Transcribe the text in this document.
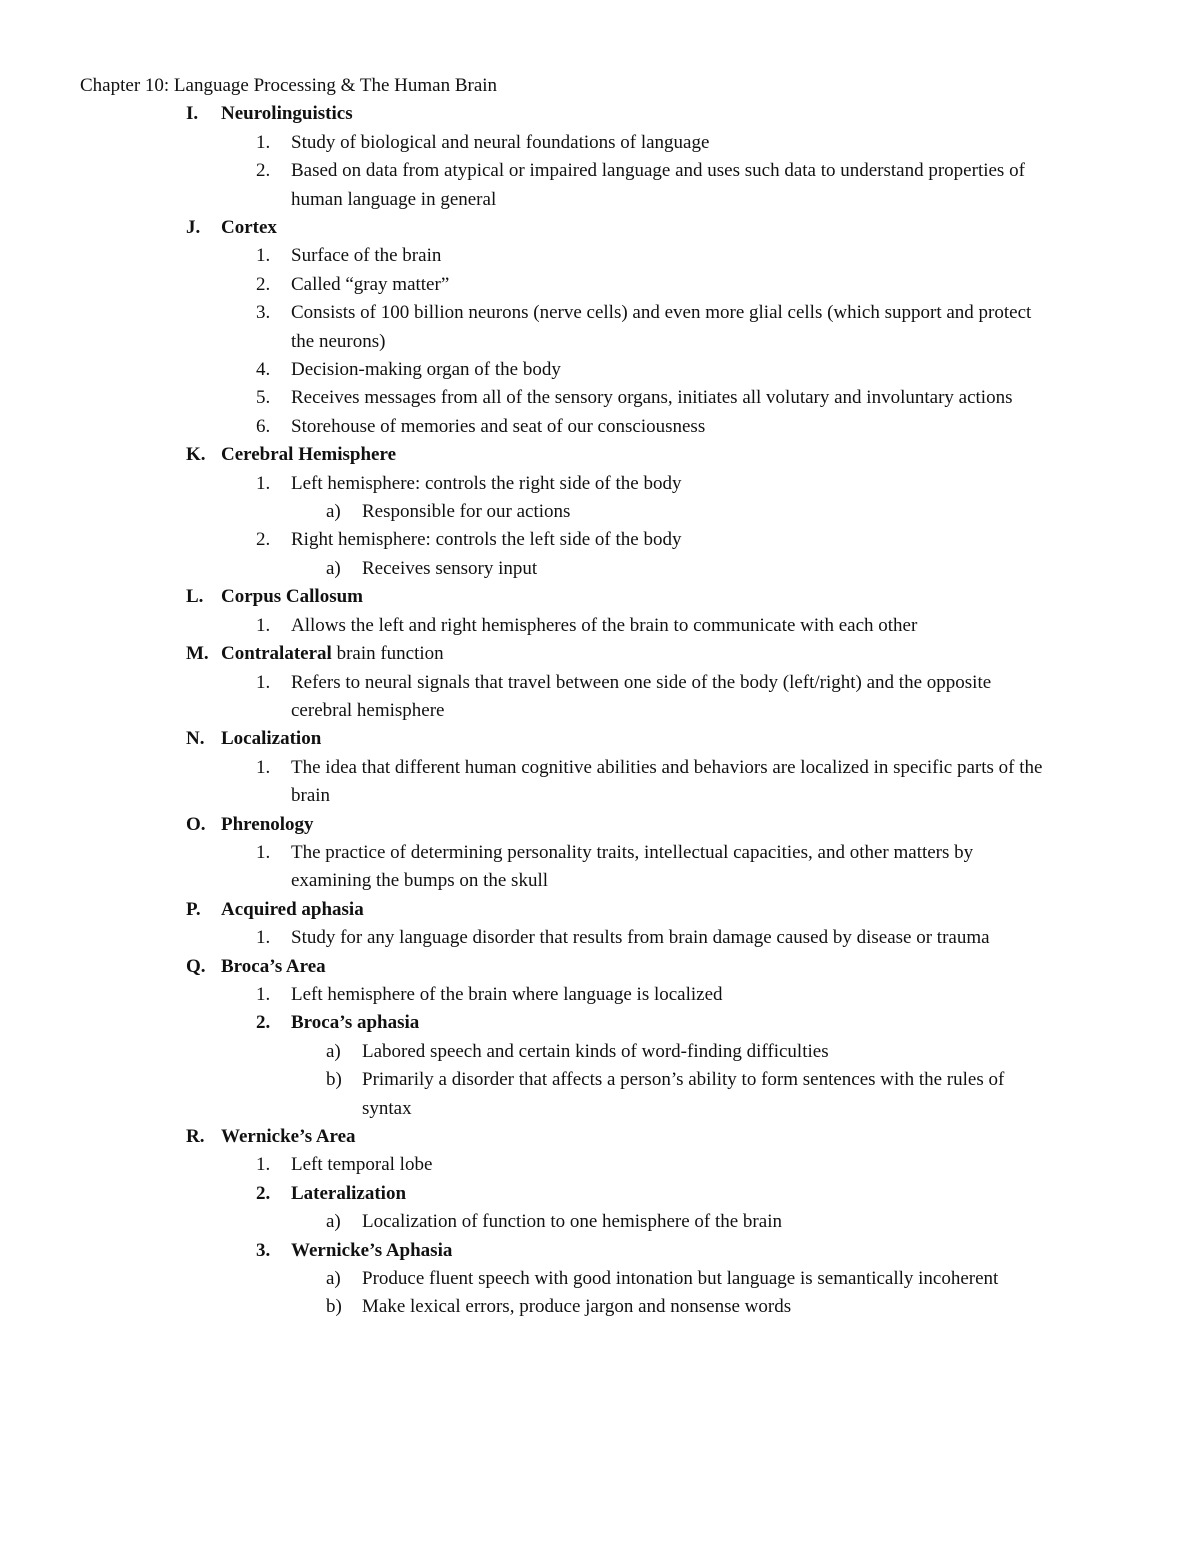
Chapter 10: Language Processing & The Human Brain
I. Neurolinguistics
1. Study of biological and neural foundations of language
2. Based on data from atypical or impaired language and uses such data to understand properties of human language in general
J. Cortex
1. Surface of the brain
2. Called “gray matter”
3. Consists of 100 billion neurons (nerve cells) and even more glial cells (which support and protect the neurons)
4. Decision-making organ of the body
5. Receives messages from all of the sensory organs, initiates all volutary and involuntary actions
6. Storehouse of memories and seat of our consciousness
K. Cerebral Hemisphere
1. Left hemisphere: controls the right side of the body
a) Responsible for our actions
2. Right hemisphere: controls the left side of the body
a) Receives sensory input
L. Corpus Callosum
1. Allows the left and right hemispheres of the brain to communicate with each other
M. Contralateral brain function
1. Refers to neural signals that travel between one side of the body (left/right) and the opposite cerebral hemisphere
N. Localization
1. The idea that different human cognitive abilities and behaviors are localized in specific parts of the brain
O. Phrenology
1. The practice of determining personality traits, intellectual capacities, and other matters by examining the bumps on the skull
P. Acquired aphasia
1. Study for any language disorder that results from brain damage caused by disease or trauma
Q. Broca’s Area
1. Left hemisphere of the brain where language is localized
2. Broca’s aphasia
a) Labored speech and certain kinds of word-finding difficulties
b) Primarily a disorder that affects a person’s ability to form sentences with the rules of syntax
R. Wernicke’s Area
1. Left temporal lobe
2. Lateralization
a) Localization of function to one hemisphere of the brain
3. Wernicke’s Aphasia
a) Produce fluent speech with good intonation but language is semantically incoherent
b) Make lexical errors, produce jargon and nonsense words
